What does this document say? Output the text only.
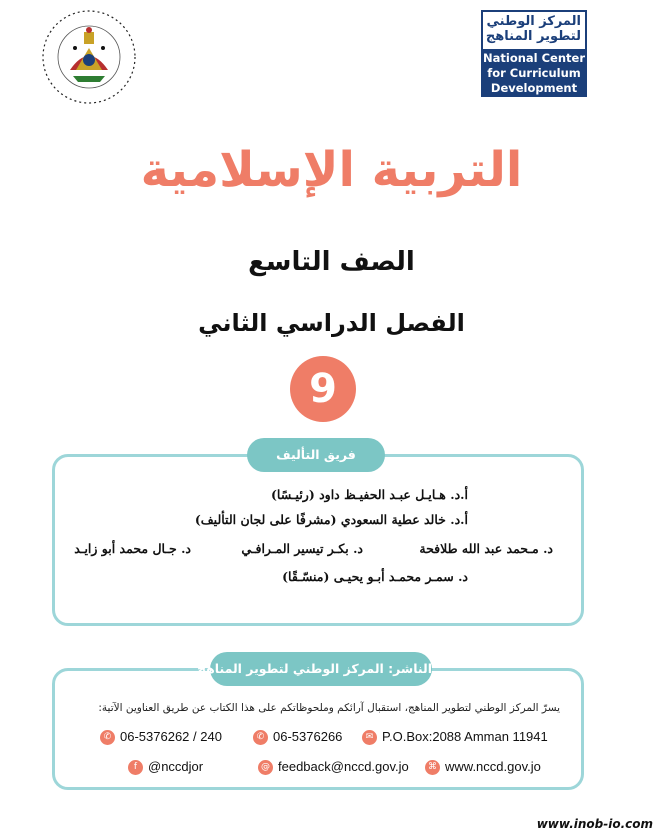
المركز الوطني
لتطوير المناهج
National Center
for Curriculum
Development
التربية الإسلامية
الصف التاسع
الفصل الدراسي الثاني
9
فريق التأليف
أ.د. هـايـل عبـد الحفيـظ داود (رئيـسًا)
أ.د. خالد عطية السعودي (مشرفًا على لجان التأليف)
د. مـحمد عبد الله طلافحة
د. بكـر تيسير المـرافـي
د. جـال محمد أبو زايـد
د. سمـر محمـد أبـو يحيـى (منسّـقًا)
الناشر: المركز الوطني لتطوير المناهج
يسرّ المركز الوطني لتطوير المناهج، استقبال آرائكم وملحوظاتكم على هذا الكتاب عن طريق العناوين الآتية:
✆ 06-5376262 / 240	✆ 06-5376266	✉ P.O.Box:2088 Amman 11941
f @nccdjor	@ feedback@nccd.gov.jo	⌘ www.nccd.gov.jo
www.inob-io.com
